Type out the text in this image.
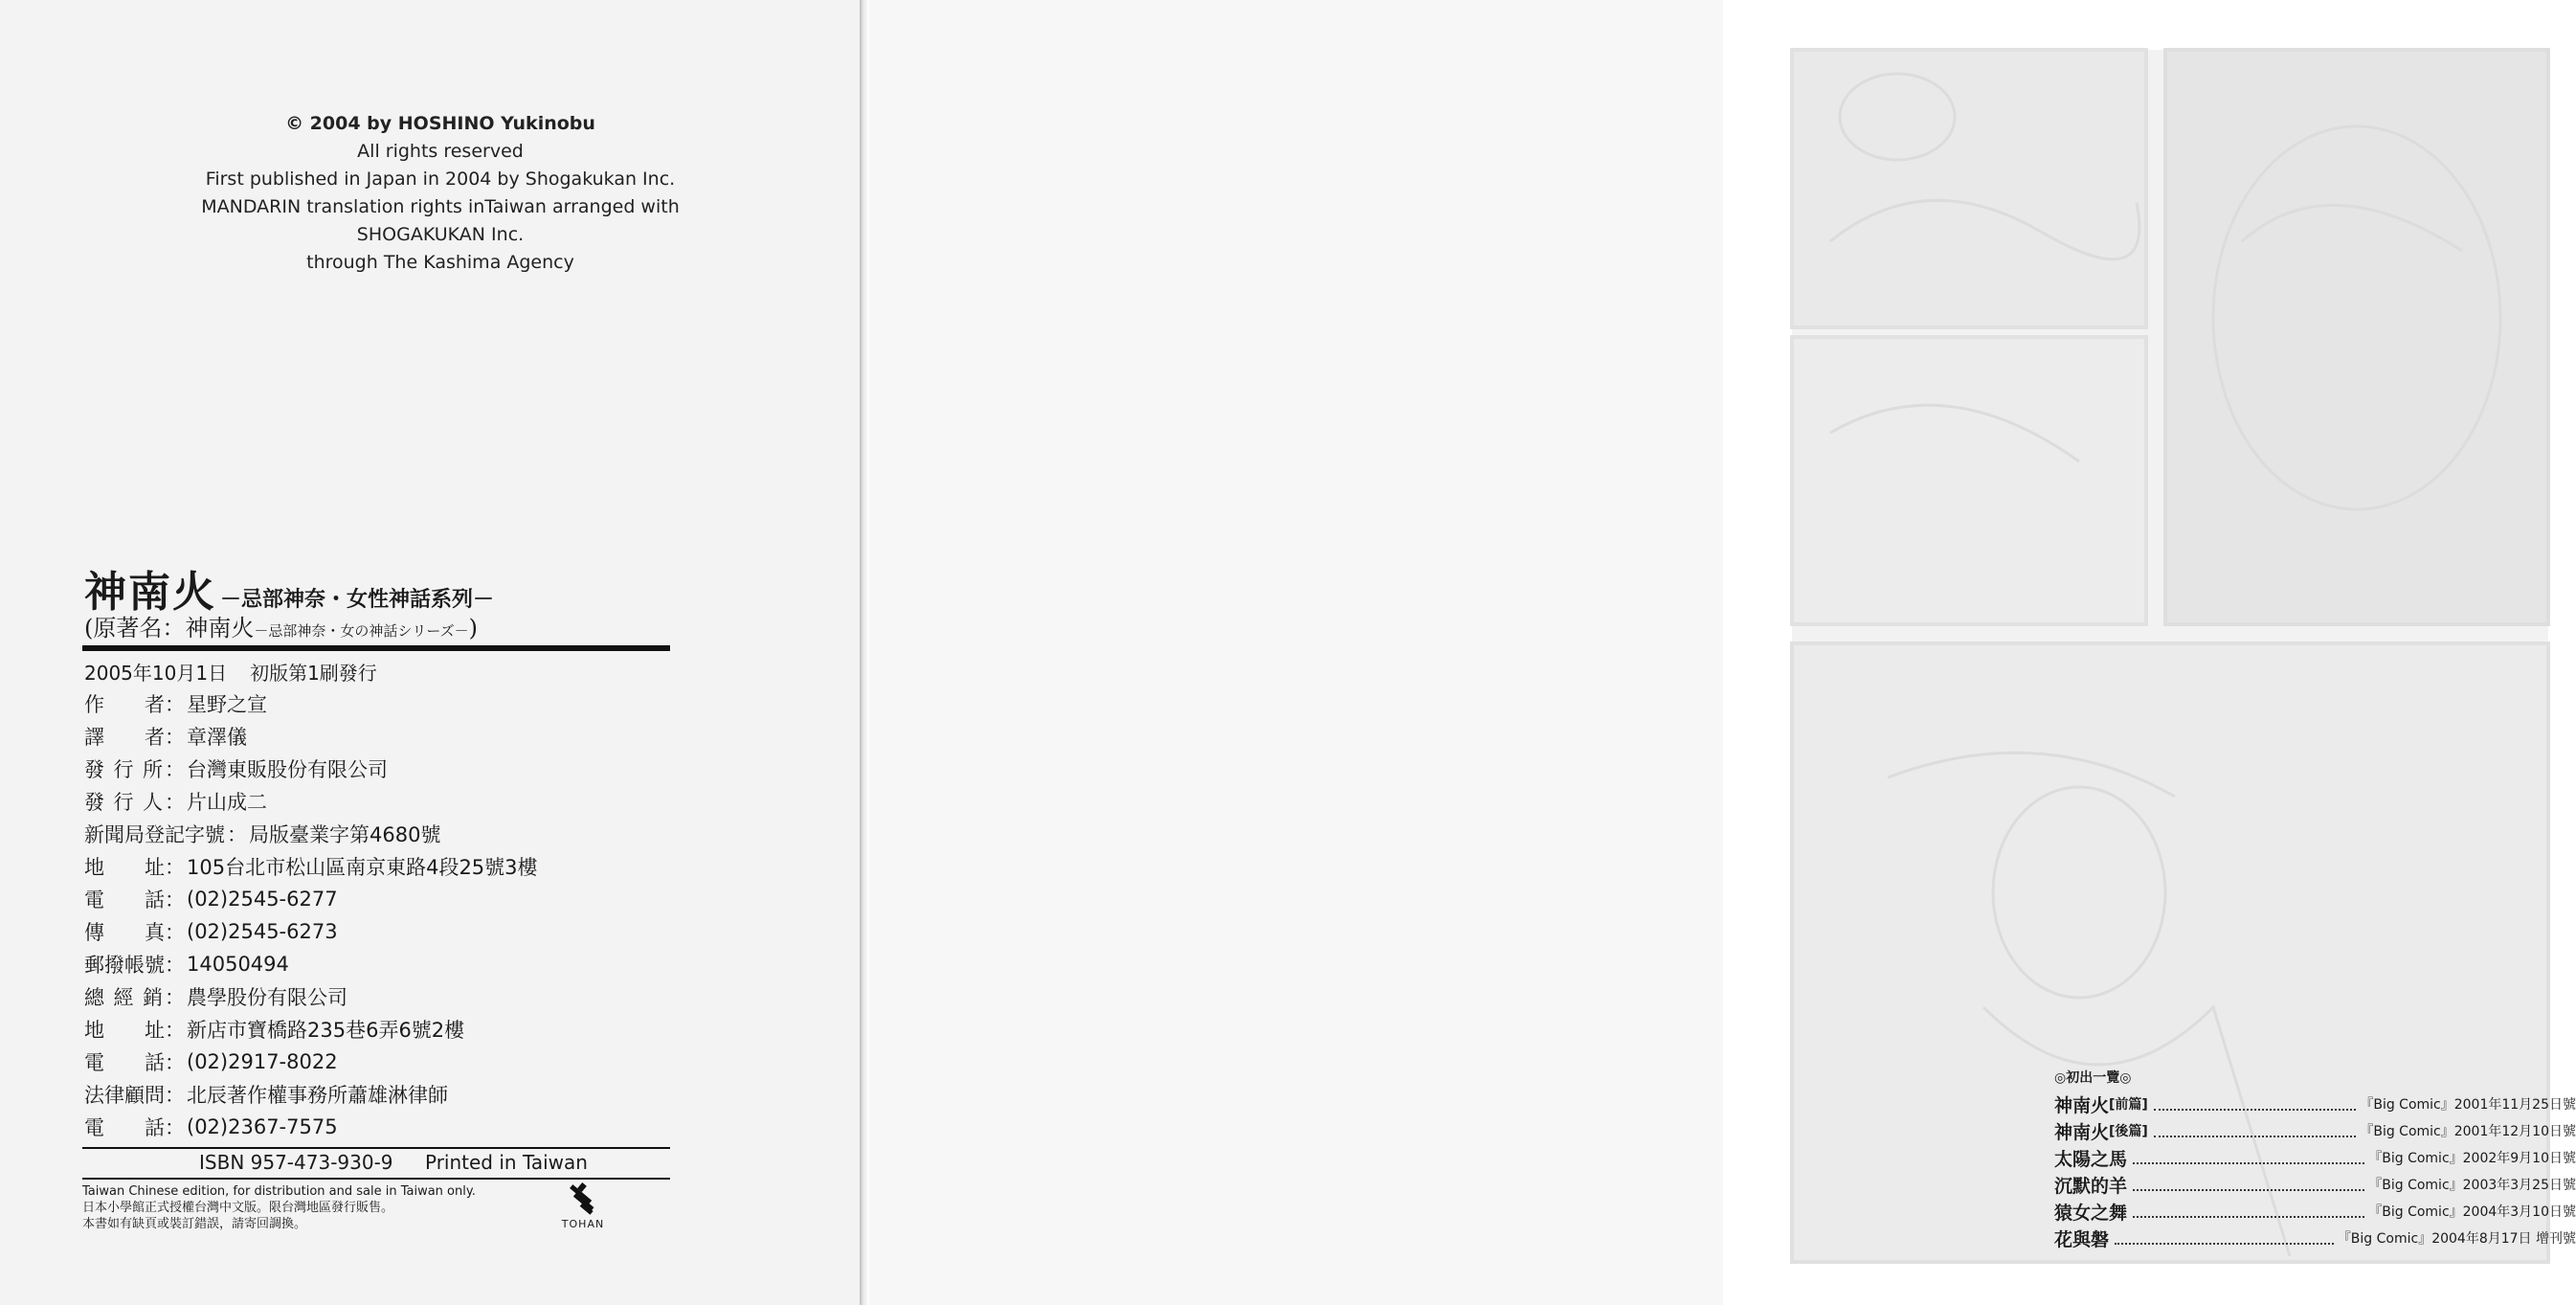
© 2004 by HOSHINO Yukinobu
All rights reserved
First published in Japan in 2004 by Shogakukan Inc.
MANDARIN translation rights inTaiwan arranged with
SHOGAKUKAN Inc.
through The Kashima Agency
神南火 －忌部神奈・女性神話系列－
(原著名：神南火－忌部神奈・女の神話シリーズ－)
2005年10月1日 初版第1刷發行
作　　者 ： 星野之宣
譯　　者 ： 章澤儀
發 行 所 ： 台灣東販股份有限公司
發 行 人 ： 片山成二
新聞局登記字號 ： 局版臺業字第4680號
地　　址 ： 105台北市松山區南京東路4段25號3樓
電　　話 ： (02)2545-6277
傳　　真 ： (02)2545-6273
郵撥帳號 ： 14050494
總 經 銷 ： 農學股份有限公司
地　　址 ： 新店市寶橋路235巷6弄6號2樓
電　　話 ： (02)2917-8022
法律顧問 ： 北辰著作權事務所蕭雄淋律師
電　　話 ： (02)2367-7575
ISBN 957-473-930-9 Printed in Taiwan
Taiwan Chinese edition, for distribution and sale in Taiwan only.
日本小學館正式授權台灣中文版。限台灣地區發行販售。
本書如有缺頁或裝訂錯誤，請寄回調換。	TOHAN
◎初出一覽◎
神南火 [前篇]	『Big Comic』2001年11月25日號
神南火 [後篇]	『Big Comic』2001年12月10日號
太陽之馬	『Big Comic』2002年9月10日號
沉默的羊	『Big Comic』2003年3月25日號
猿女之舞	『Big Comic』2004年3月10日號
花與磐	『Big Comic』2004年8月17日 增刊號
